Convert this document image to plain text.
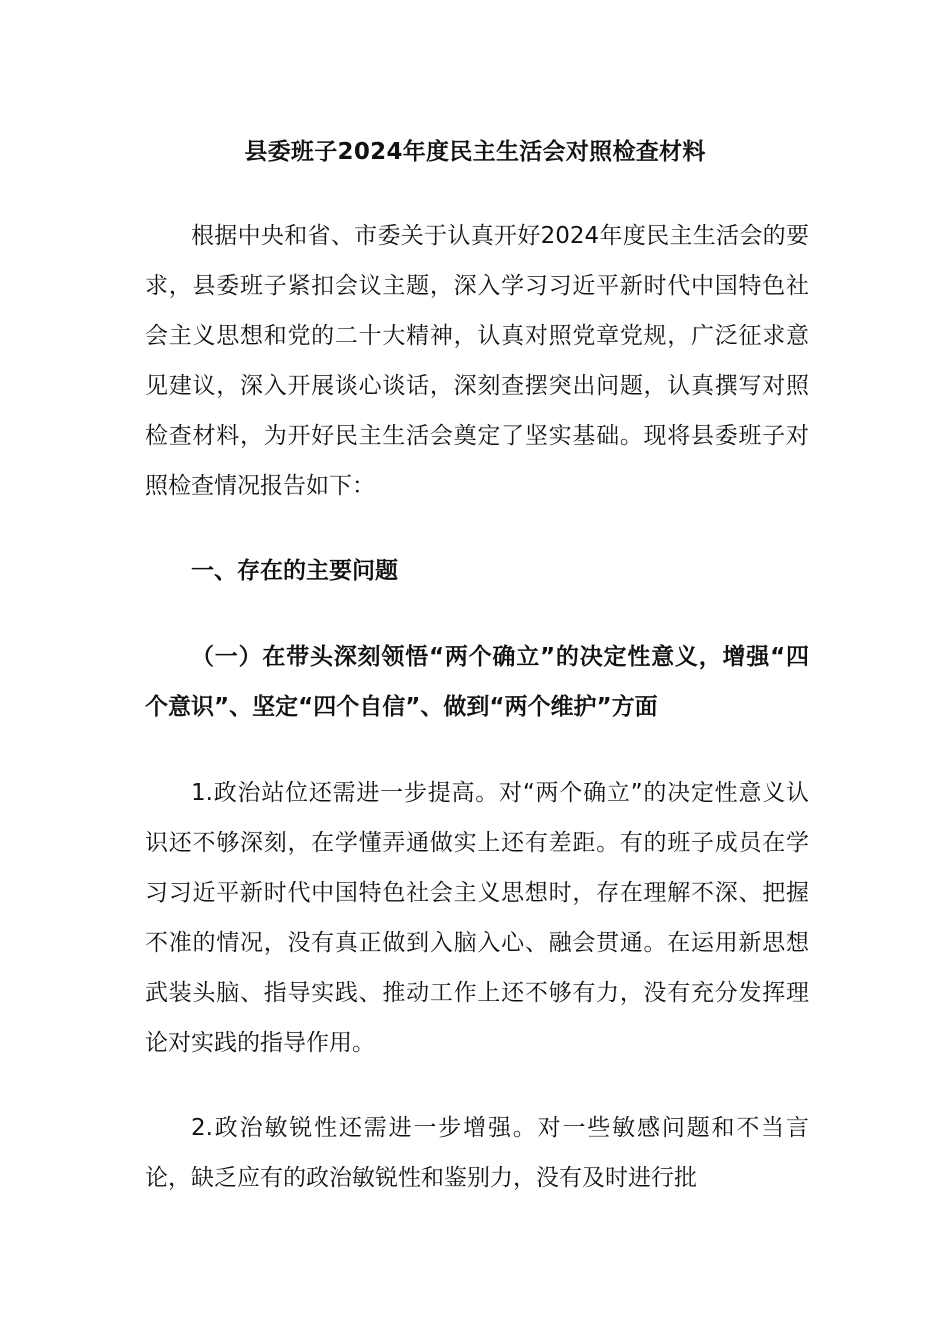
县委班子2024年度民主生活会对照检查材料

根据中央和省、市委关于认真开好2024年度民主生活会的要求，县委班子紧扣会议主题，深入学习习近平新时代中国特色社会主义思想和党的二十大精神，认真对照党章党规，广泛征求意见建议，深入开展谈心谈话，深刻查摆突出问题，认真撰写对照检查材料，为开好民主生活会奠定了坚实基础。现将县委班子对照检查情况报告如下：

一、存在的主要问题

（一）在带头深刻领悟“两个确立”的决定性意义，增强“四个意识”、坚定“四个自信”、做到“两个维护”方面

1.政治站位还需进一步提高。对“两个确立”的决定性意义认识还不够深刻，在学懂弄通做实上还有差距。有的班子成员在学习习近平新时代中国特色社会主义思想时，存在理解不深、把握不准的情况，没有真正做到入脑入心、融会贯通。在运用新思想武装头脑、指导实践、推动工作上还不够有力，没有充分发挥理论对实践的指导作用。

2.政治敏锐性还需进一步增强。对一些敏感问题和不当言论，缺乏应有的政治敏锐性和鉴别力，没有及时进行批
